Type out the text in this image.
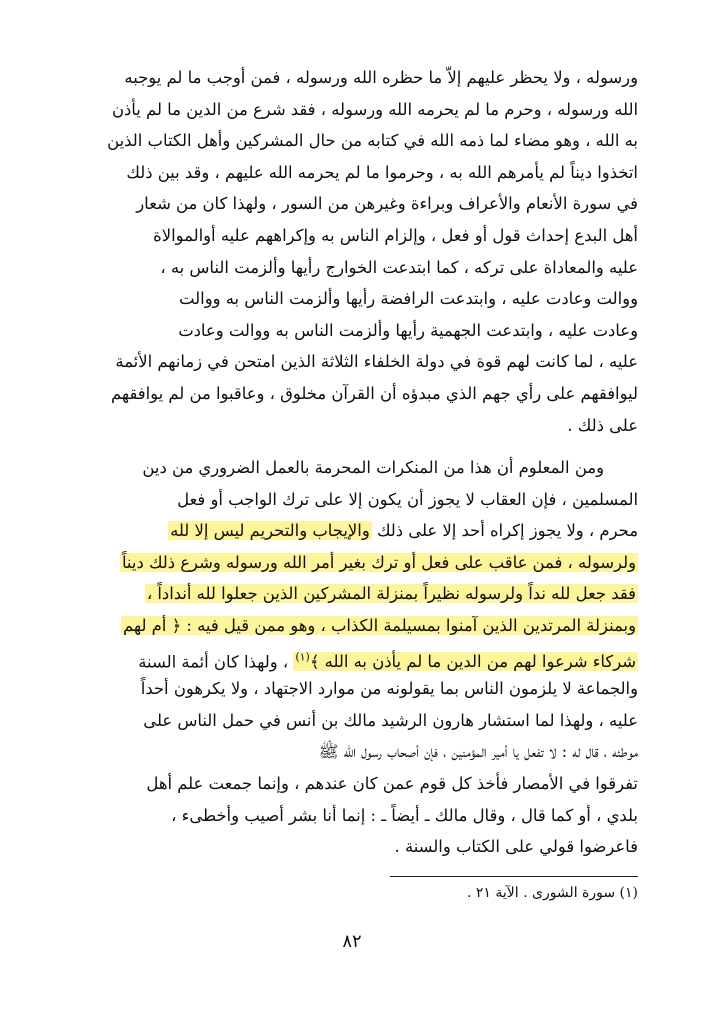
ورسوله ، ولا يحظر عليهم إلاّ ما حظره الله ورسوله ، فمن أوجب ما لم يوجبه
الله ورسوله ، وحرم ما لم يحرمه الله ورسوله ، فقد شرع من الدين ما لم يأذن
به الله ، وهو مضاء لما ذمه الله في كتابه من حال المشركين وأهل الكتاب الذين
اتخذوا ديناً لم يأمرهم الله به ، وحرموا ما لم يحرمه الله عليهم ، وقد بين ذلك
في سورة الأنعام والأعراف وبراءة وغيرهن من السور ، ولهذا كان من شعار
أهل البدع إحداث قول أو فعل ، وإلزام الناس به وإكراههم عليه أوالموالاة
عليه والمعاداة على تركه ، كما ابتدعت الخوارج رأيها وألزمت الناس به ،
ووالت وعادت عليه ، وابتدعت الرافضة رأيها وألزمت الناس به ووالت
وعادت عليه ، وابتدعت الجهمية رأيها وألزمت الناس به ووالت وعادت
عليه ، لما كانت لهم قوة في دولة الخلفاء الثلاثة الذين امتحن في زمانهم الأئمة
ليوافقهم على رأي جهم الذي مبدؤه أن القرآن مخلوق ، وعاقبوا من لم يوافقهم
على ذلك .
ومن المعلوم أن هذا من المنكرات المحرمة بالعمل الضروري من دين
المسلمين ، فإن العقاب لا يجوز أن يكون إلا على ترك الواجب أو فعل
محرم ، ولا يجوز إكراه أحد إلا على ذلك والإيجاب والتحريم ليس إلا لله
ولرسوله ، فمن عاقب على فعل أو ترك بغير أمر الله ورسوله وشرع ذلك ديناً
فقد جعل لله نداً ولرسوله نظيراً بمنزلة المشركين الذين جعلوا لله أنداداً ،
وبمنزلة المرتدين الذين آمنوا بمسيلمة الكذاب ، وهو ممن قيل فيه : ﴿ أم لهم
شركاء شرعوا لهم من الدين ما لم يأذن به الله ﴾$^{(١)}$ ، ولهذا كان أئمة السنة
والجماعة لا يلزمون الناس بما يقولونه من موارد الاجتهاد ، ولا يكرهون أحداً
عليه ، ولهذا لما استشار هارون الرشيد مالك بن أنس في حمل الناس على
موطئه ، قال له : لا تفعل يا أمير المؤمنين ، فإن أصحاب رسول الله ﷺ
تفرقوا في الأمصار فأخذ كل قوم عمن كان عندهم ، وإنما جمعت علم أهل
بلدي ، أو كما قال ، وقال مالك ـ أيضاً ـ : إنما أنا بشر أصيب وأخطىء ،
فاعرضوا قولي على الكتاب والسنة .
(١) سورة الشورى . الآية ٢١ .
٨٢
